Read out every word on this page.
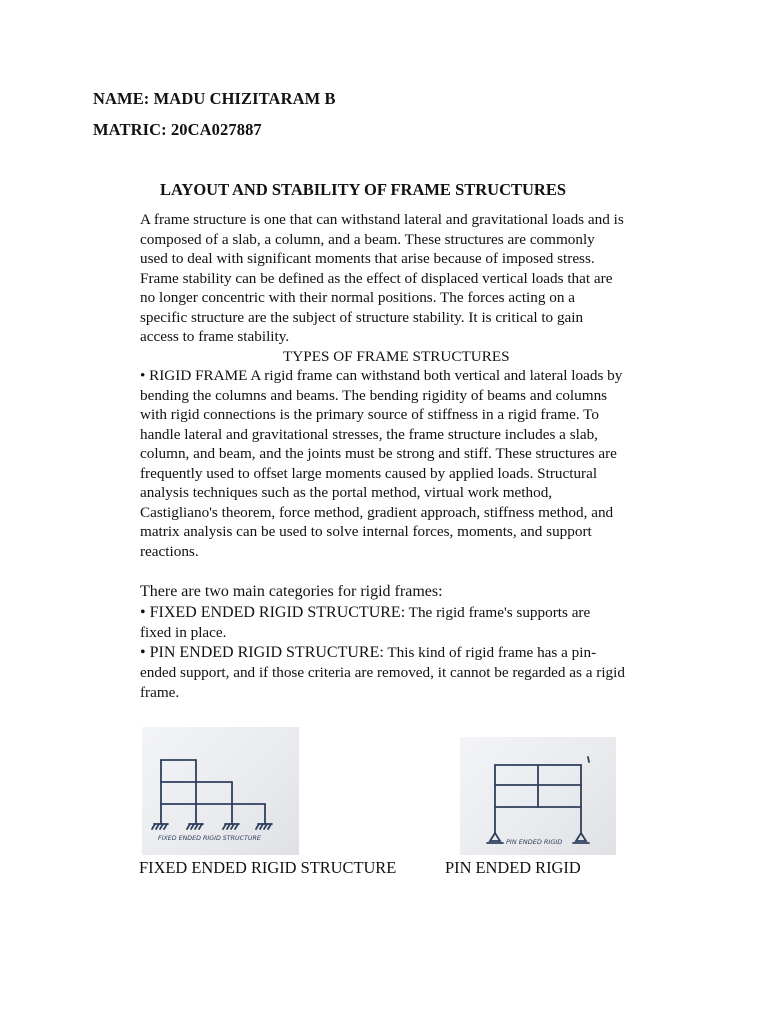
NAME: MADU CHIZITARAM B
MATRIC: 20CA027887
LAYOUT AND STABILITY OF FRAME STRUCTURES

A frame structure is one that can withstand lateral and gravitational loads and is

composed of a slab, a column, and a beam. These structures are commonly

used to deal with significant moments that arise because of imposed stress.

Frame stability can be defined as the effect of displaced vertical loads that are

no longer concentric with their normal positions. The forces acting on a

specific structure are the subject of structure stability. It is critical to gain

access to frame stability.

TYPES OF FRAME STRUCTURES

• RIGID FRAME A rigid frame can withstand both vertical and lateral loads by

bending the columns and beams. The bending rigidity of beams and columns

with rigid connections is the primary source of stiffness in a rigid frame. To

handle lateral and gravitational stresses, the frame structure includes a slab,

column, and beam, and the joints must be strong and stiff. These structures are

frequently used to offset large moments caused by applied loads. Structural

analysis techniques such as the portal method, virtual work method,

Castigliano's theorem, force method, gradient approach, stiffness method, and

matrix analysis can be used to solve internal forces, moments, and support

reactions.

There are two main categories for rigid frames:

• FIXED ENDED RIGID STRUCTURE: The rigid frame's supports are

fixed in place.

• PIN ENDED RIGID STRUCTURE: This kind of rigid frame has a pin-

ended support, and if those criteria are removed, it cannot be regarded as a rigid

frame.

FIXED ENDED RIGID STRUCTURE	PIN ENDED RIGID
FIXED ENDED RIGID STRUCTURE	PIN ENDED RIGID
